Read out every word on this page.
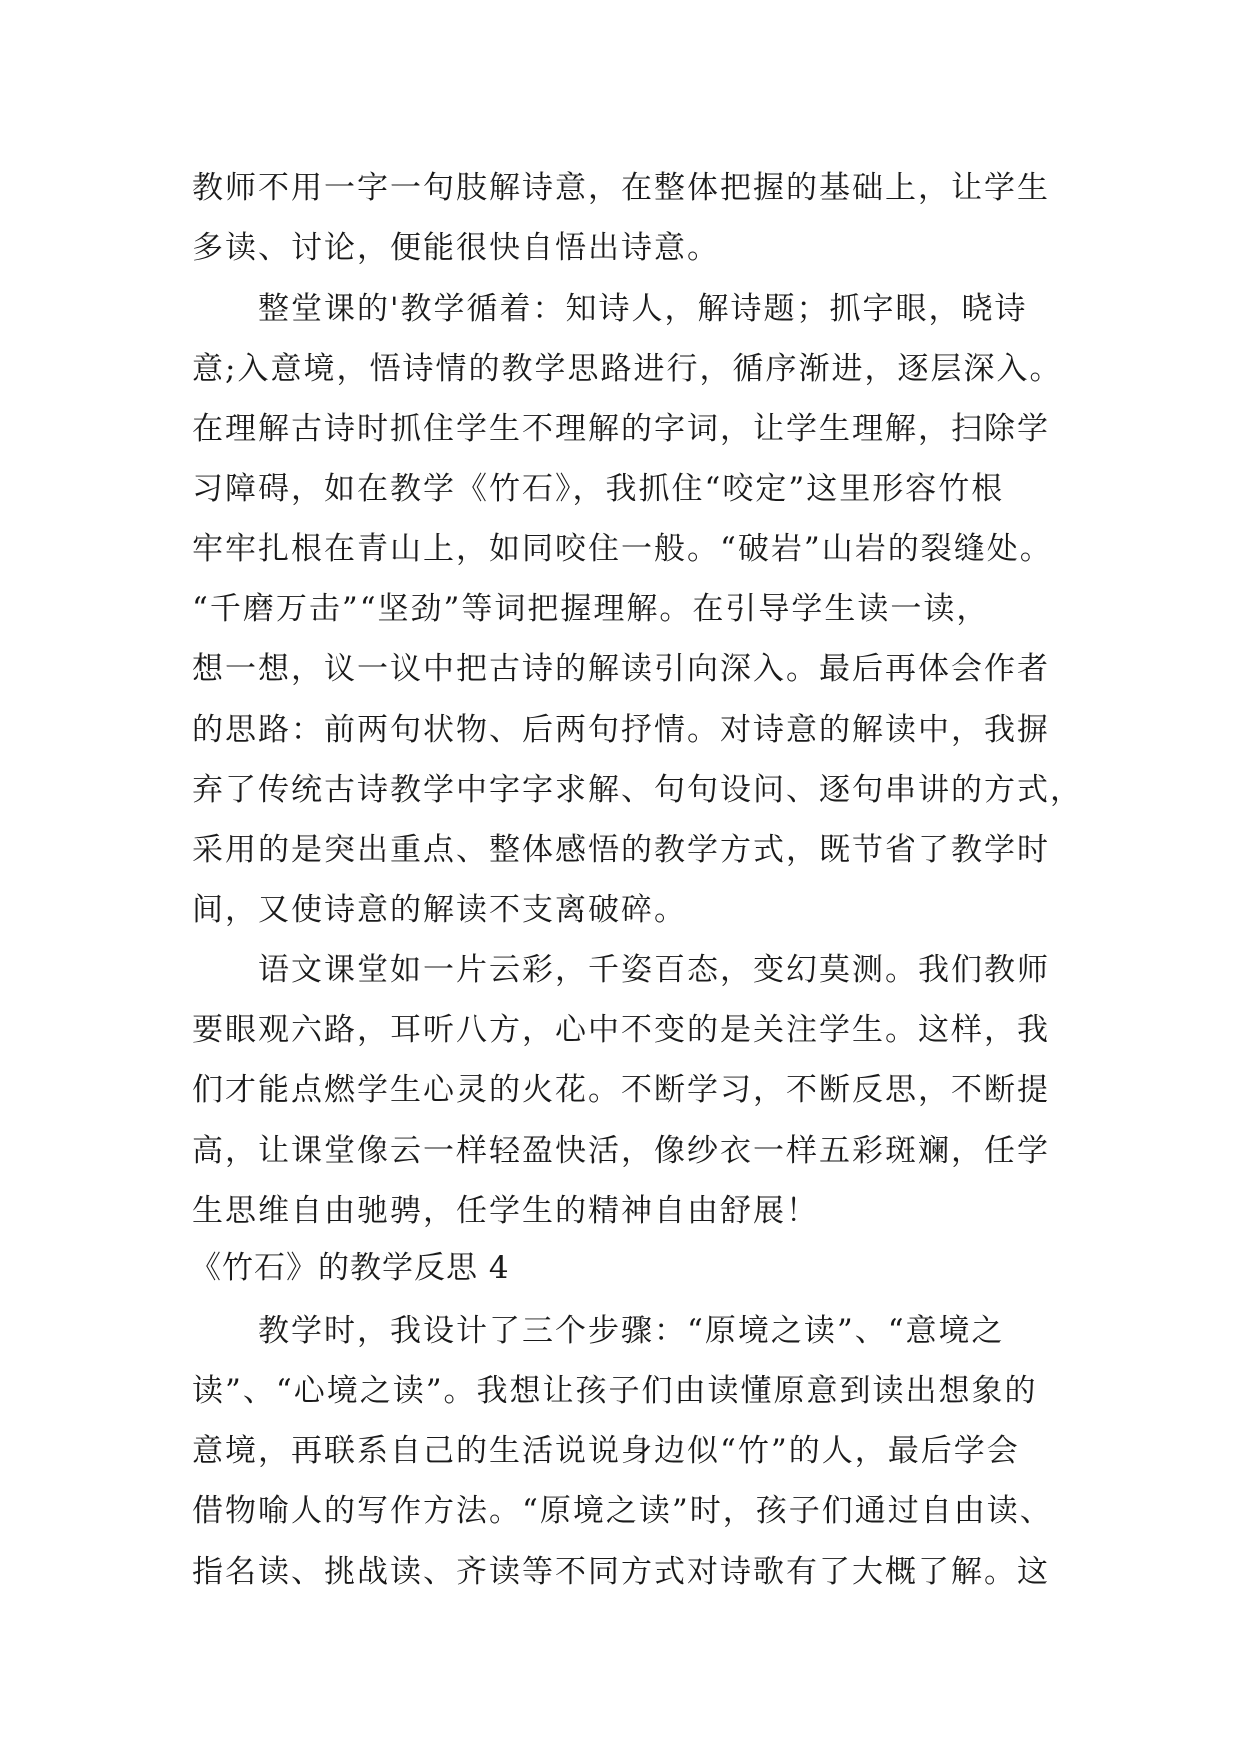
教师不用一字一句肢解诗意，在整体把握的基础上，让学生

多读、讨论，便能很快自悟出诗意。

　　整堂课的'教学循着：知诗人，解诗题；抓字眼，晓诗

意;入意境，悟诗情的教学思路进行，循序渐进，逐层深入。

在理解古诗时抓住学生不理解的字词，让学生理解，扫除学

习障碍，如在教学《竹石》，我抓住“咬定”这里形容竹根

牢牢扎根在青山上，如同咬住一般。“破岩”山岩的裂缝处。

“千磨万击”“坚劲”等词把握理解。在引导学生读一读，

想一想，议一议中把古诗的解读引向深入。最后再体会作者

的思路：前两句状物、后两句抒情。对诗意的解读中，我摒

弃了传统古诗教学中字字求解、句句设问、逐句串讲的方式，

采用的是突出重点、整体感悟的教学方式，既节省了教学时

间，又使诗意的解读不支离破碎。

　　语文课堂如一片云彩，千姿百态，变幻莫测。我们教师

要眼观六路，耳听八方，心中不变的是关注学生。这样，我

们才能点燃学生心灵的火花。不断学习，不断反思，不断提

高，让课堂像云一样轻盈快活，像纱衣一样五彩斑斓，任学

生思维自由驰骋，任学生的精神自由舒展！

《竹石》的教学反思 4

　　教学时，我设计了三个步骤：“原境之读”、“意境之

读”、“心境之读”。我想让孩子们由读懂原意到读出想象的

意境，再联系自己的生活说说身边似“竹”的人，最后学会

借物喻人的写作方法。“原境之读”时，孩子们通过自由读、

指名读、挑战读、齐读等不同方式对诗歌有了大概了解。这
